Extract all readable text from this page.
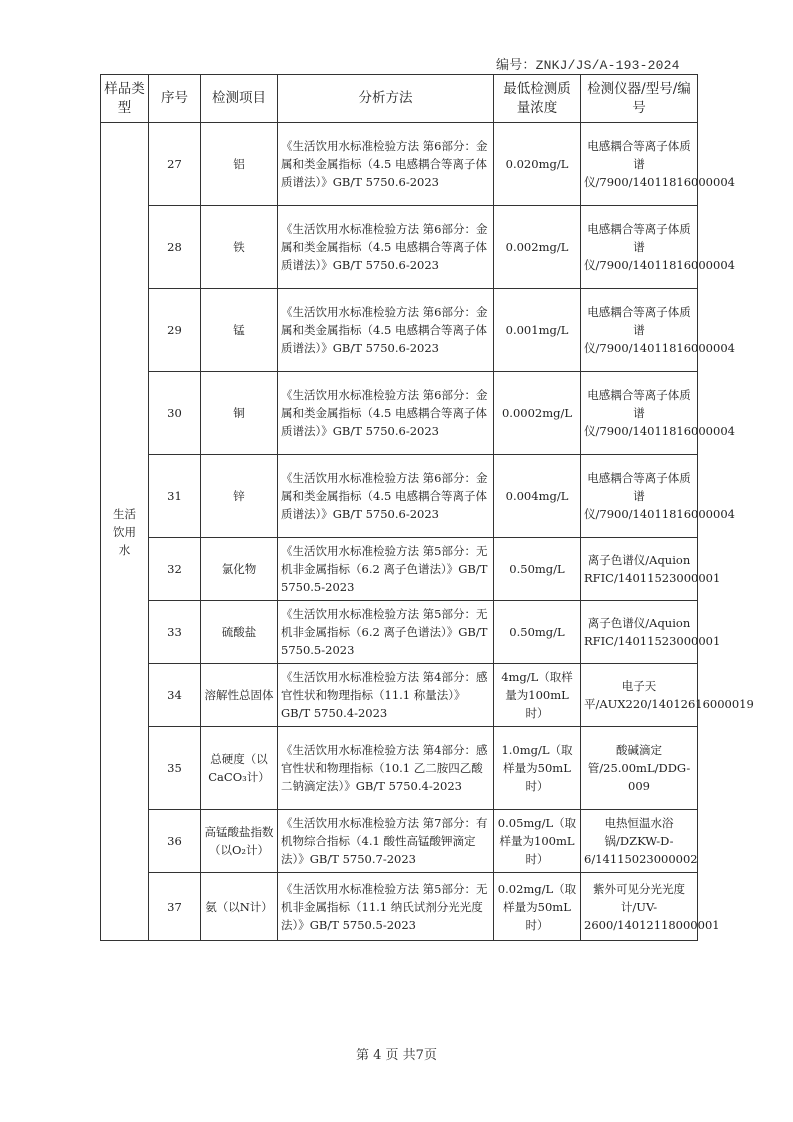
编号：ZNKJ/JS/A-193-2024
样品类型	序号	检测项目	分析方法	最低检测质量浓度	检测仪器/型号/编号
生活饮用水	27	铝	《生活饮用水标准检验方法 第6部分：金属和类金属指标（4.5 电感耦合等离子体质谱法）》GB/T 5750.6-2023	0.020mg/L	电感耦合等离子体质谱仪/7900/14011816000004
	28	铁	《生活饮用水标准检验方法 第6部分：金属和类金属指标（4.5 电感耦合等离子体质谱法）》GB/T 5750.6-2023	0.002mg/L	电感耦合等离子体质谱仪/7900/14011816000004
	29	锰	《生活饮用水标准检验方法 第6部分：金属和类金属指标（4.5 电感耦合等离子体质谱法）》GB/T 5750.6-2023	0.001mg/L	电感耦合等离子体质谱仪/7900/14011816000004
	30	铜	《生活饮用水标准检验方法 第6部分：金属和类金属指标（4.5 电感耦合等离子体质谱法）》GB/T 5750.6-2023	0.0002mg/L	电感耦合等离子体质谱仪/7900/14011816000004
	31	锌	《生活饮用水标准检验方法 第6部分：金属和类金属指标（4.5 电感耦合等离子体质谱法）》GB/T 5750.6-2023	0.004mg/L	电感耦合等离子体质谱仪/7900/14011816000004
	32	氯化物	《生活饮用水标准检验方法 第5部分：无机非金属指标（6.2 离子色谱法）》GB/T 5750.5-2023	0.50mg/L	离子色谱仪/Aquion RFIC/14011523000001
	33	硫酸盐	《生活饮用水标准检验方法 第5部分：无机非金属指标（6.2 离子色谱法）》GB/T 5750.5-2023	0.50mg/L	离子色谱仪/Aquion RFIC/14011523000001
	34	溶解性总固体	《生活饮用水标准检验方法 第4部分：感官性状和物理指标（11.1 称量法）》GB/T 5750.4-2023	4mg/L（取样量为100mL时）	电子天平/AUX220/14012616000019
	35	总硬度（以CaCO₃计）	《生活饮用水标准检验方法 第4部分：感官性状和物理指标（10.1 乙二胺四乙酸二钠滴定法）》GB/T 5750.4-2023	1.0mg/L（取样量为50mL时）	酸碱滴定管/25.00mL/DDG-009
	36	高锰酸盐指数（以O₂计）	《生活饮用水标准检验方法 第7部分：有机物综合指标（4.1 酸性高锰酸钾滴定法）》GB/T 5750.7-2023	0.05mg/L（取样量为100mL时）	电热恒温水浴锅/DZKW-D-6/14115023000002
	37	氨（以N计）	《生活饮用水标准检验方法 第5部分：无机非金属指标（11.1 纳氏试剂分光光度法）》GB/T 5750.5-2023	0.02mg/L（取样量为50mL时）	紫外可见分光光度计/UV-2600/14012118000001
第 4 页 共7页
